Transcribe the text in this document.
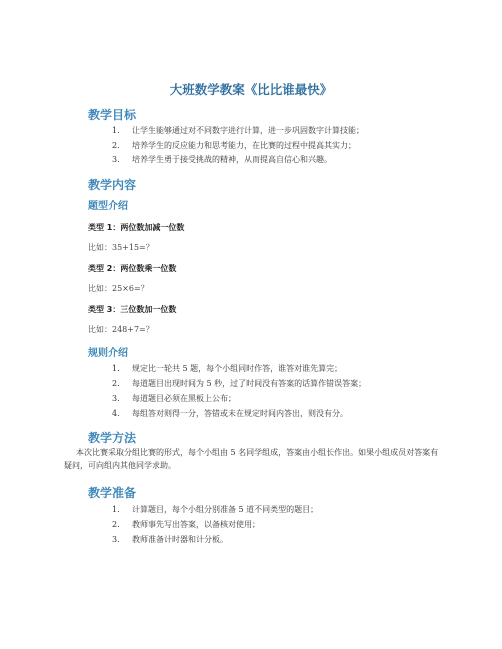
大班数学教案《比比谁最快》
教学目标
1. 让学生能够通过对不同数字进行计算，进一步巩固数字计算技能；
2. 培养学生的反应能力和思考能力，在比赛的过程中提高其实力；
3. 培养学生勇于接受挑战的精神，从而提高自信心和兴趣。
教学内容
题型介绍
类型 1：两位数加减一位数
比如：35+15=？
类型 2：两位数乘一位数
比如：25×6=？
类型 3：三位数加一位数
比如：248+7=？
规则介绍
1. 规定比一轮共 5 题，每个小组同时作答，谁答对谁先算完；
2. 每道题目出现时间为 5 秒，过了时间没有答案的话算作错误答案；
3. 每道题目必须在黑板上公布；
4. 每组答对则得一分，答错或未在规定时间内答出，则没有分。
教学方法
本次比赛采取分组比赛的形式，每个小组由 5 名同学组成，答案由小组长作出。如果小组成员对答案有疑问，可向组内其他同学求助。
教学准备
1. 计算题目，每个小组分别准备 5 道不同类型的题目；
2. 教师事先写出答案，以备核对使用；
3. 教师准备计时器和计分板。
